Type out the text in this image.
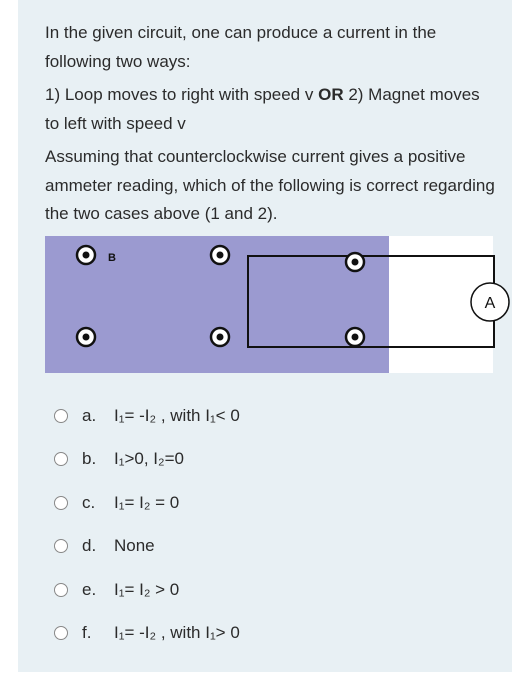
In the given circuit, one can produce a current in the following two ways:

1) Loop moves to right with speed v OR 2) Magnet moves to left with speed v

Assuming that counterclockwise current gives a positive ammeter reading, which of the following is correct regarding the two cases above (1 and 2).

A
B
a.	I₁= -I₂ , with I₁< 0
b.	I₁>0, I₂=0
c.	I₁= I₂ = 0
d.	None
e.	I₁= I₂ > 0
f.	I₁= -I₂ , with I₁> 0
